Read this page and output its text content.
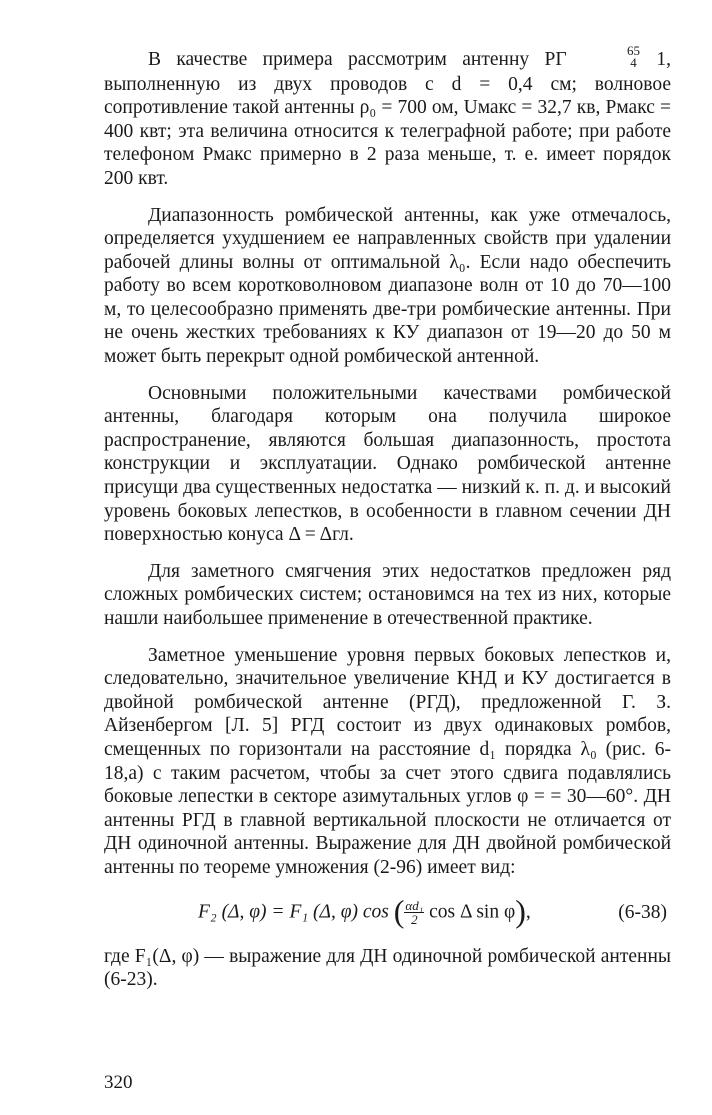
В качестве примера рассмотрим антенну РГ	65
4 1, выполненную из двух проводов с d = 0,4 см; волновое сопротивление такой антенны ρ₀ = 700 ом, Uмакс = 32,7 кв, Pмакс = 400 квт; эта величина относится к телеграфной работе; при работе телефоном Pмакс примерно в 2 раза меньше, т. е. имеет порядок 200 квт.

Диапазонность ромбической антенны, как уже отмечалось, определяется ухудшением ее направленных свойств при удалении рабочей длины волны от оптимальной λ₀. Если надо обеспечить работу во всем коротковолновом диапазоне волн от 10 до 70—100 м, то целесообразно применять две-три ромбические антенны. При не очень жестких требованиях к КУ диапазон от 19—20 до 50 м может быть перекрыт одной ромбической антенной.

Основными положительными качествами ромбической антенны, благодаря которым она получила широкое распространение, являются большая диапазонность, простота конструкции и эксплуатации. Однако ромбической антенне присущи два существенных недостатка — низкий к. п. д. и высокий уровень боковых лепестков, в особенности в главном сечении ДН поверхностью конуса Δ = Δгл.

Для заметного смягчения этих недостатков предложен ряд сложных ромбических систем; остановимся на тех из них, которые нашли наибольшее применение в отечественной практике.

Заметное уменьшение уровня первых боковых лепестков и, следовательно, значительное увеличение КНД и КУ достигается в двойной ромбической антенне (РГД), предложенной Г. З. Айзенбергом [Л. 5] РГД состоит из двух одинаковых ромбов, смещенных по горизонтали на расстояние d₁ порядка λ₀ (рис. 6-18,а) с таким расчетом, чтобы за счет этого сдвига подавлялись боковые лепестки в секторе азимутальных углов φ = = 30—60°. ДН антенны РГД в главной вертикальной плоскости не отличается от ДН одиночной антенны. Выражение для ДН двойной ромбической антенны по теореме умножения (2-96) имеет вид:

F₂ (Δ, φ) = F₁ (Δ, φ) cos ( $\frac{\text{αd₁}}{2}$ cos Δ sin φ),	(6-38)

где F₁(Δ, φ) — выражение для ДН одиночной ромбической антенны (6-23).

320
